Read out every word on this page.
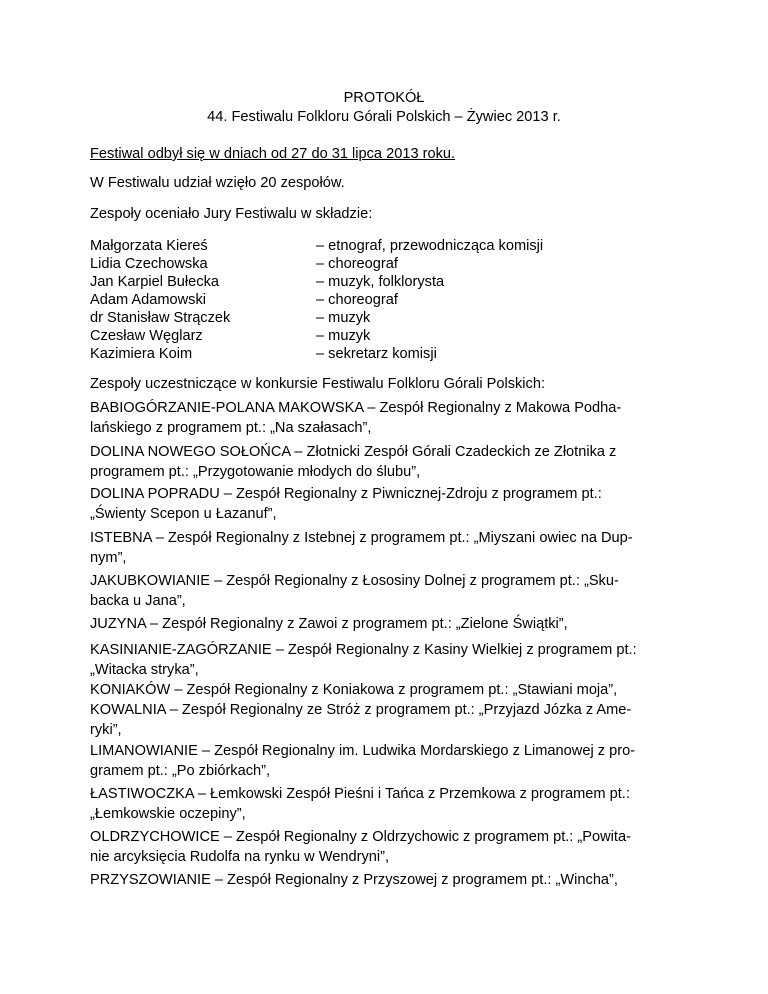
PROTOKÓŁ
44. Festiwalu Folkloru Górali Polskich – Żywiec 2013 r.
Festiwal odbył się w dniach od 27 do 31 lipca 2013 roku.
W Festiwalu udział wzięło 20 zespołów.
Zespoły oceniało Jury Festiwalu w składzie:
Małgorzata Kiereś	– etnograf, przewodnicząca komisji
Lidia Czechowska	– choreograf
Jan Karpiel Bułecka	– muzyk, folklorysta
Adam Adamowski	– choreograf
dr Stanisław Strączek	– muzyk
Czesław Węglarz	– muzyk
Kazimiera Koim	– sekretarz komisji
Zespoły uczestniczące w konkursie Festiwalu Folkloru Górali Polskich:
BABIOGÓRZANIE-POLANA MAKOWSKA – Zespół Regionalny z Makowa Podha-
lańskiego z programem pt.: „Na szałasach”,
DOLINA NOWEGO SOŁOŃCA – Złotnicki Zespół Górali Czadeckich ze Złotnika z
programem pt.: „Przygotowanie młodych do ślubu”,
DOLINA POPRADU – Zespół Regionalny z Piwnicznej-Zdroju z programem pt.:
„Świenty Scepon u Łazanuf”,
ISTEBNA – Zespół Regionalny z Istebnej z programem pt.: „Miyszani owiec na Dup-
nym”,
JAKUBKOWIANIE – Zespół Regionalny z Łososiny Dolnej z programem pt.: „Sku-
backa u Jana”,
JUZYNA – Zespół Regionalny z Zawoi z programem pt.: „Zielone Świątki”,
KASINIANIE-ZAGÓRZANIE – Zespół Regionalny z Kasiny Wielkiej z programem pt.:
„Witacka stryka”,
KONIAKÓW – Zespół Regionalny z Koniakowa z programem pt.: „Stawiani moja”,
KOWALNIA – Zespół Regionalny ze Stróż z programem pt.: „Przyjazd Józka z Ame-
ryki”,
LIMANOWIANIE – Zespół Regionalny im. Ludwika Mordarskiego z Limanowej z pro-
gramem pt.: „Po zbiórkach”,
ŁASTIWOCZKA – Łemkowski Zespół Pieśni i Tańca z Przemkowa z programem pt.:
„Łemkowskie oczepiny”,
OLDRZYCHOWICE – Zespół Regionalny z Oldrzychowic z programem pt.: „Powita-
nie arcyksięcia Rudolfa na rynku w Wendryni”,
PRZYSZOWIANIE – Zespół Regionalny z Przyszowej z programem pt.: „Wincha”,
